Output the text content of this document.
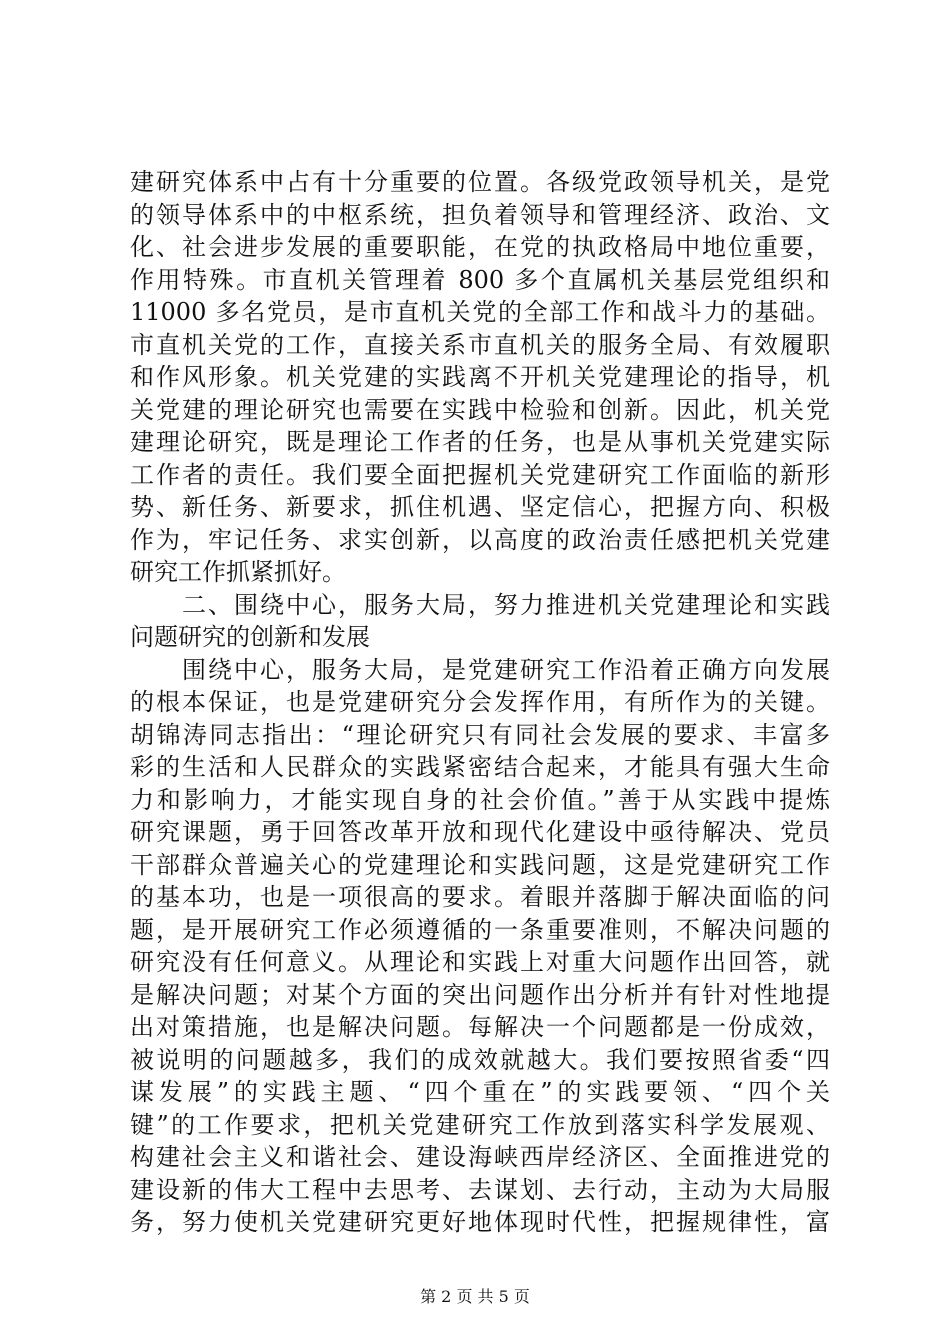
建研究体系中占有十分重要的位置。各级党政领导机关，是党
的领导体系中的中枢系统，担负着领导和管理经济、政治、文
化、社会进步发展的重要职能，在党的执政格局中地位重要，
作用特殊。市直机关管理着 800 多个直属机关基层党组织和
11000 多名党员，是市直机关党的全部工作和战斗力的基础。
市直机关党的工作，直接关系市直机关的服务全局、有效履职
和作风形象。机关党建的实践离不开机关党建理论的指导，机
关党建的理论研究也需要在实践中检验和创新。因此，机关党
建理论研究，既是理论工作者的任务，也是从事机关党建实际
工作者的责任。我们要全面把握机关党建研究工作面临的新形
势、新任务、新要求，抓住机遇、坚定信心，把握方向、积极
作为，牢记任务、求实创新，以高度的政治责任感把机关党建
研究工作抓紧抓好。
　　二、围绕中心，服务大局，努力推进机关党建理论和实践
问题研究的创新和发展
　　围绕中心，服务大局，是党建研究工作沿着正确方向发展
的根本保证，也是党建研究分会发挥作用，有所作为的关键。
胡锦涛同志指出：“理论研究只有同社会发展的要求、丰富多
彩的生活和人民群众的实践紧密结合起来，才能具有强大生命
力和影响力，才能实现自身的社会价值。”善于从实践中提炼
研究课题，勇于回答改革开放和现代化建设中亟待解决、党员
干部群众普遍关心的党建理论和实践问题，这是党建研究工作
的基本功，也是一项很高的要求。着眼并落脚于解决面临的问
题，是开展研究工作必须遵循的一条重要准则，不解决问题的
研究没有任何意义。从理论和实践上对重大问题作出回答，就
是解决问题；对某个方面的突出问题作出分析并有针对性地提
出对策措施，也是解决问题。每解决一个问题都是一份成效，
被说明的问题越多，我们的成效就越大。我们要按照省委“四
谋发展”的实践主题、“四个重在”的实践要领、“四个关
键”的工作要求，把机关党建研究工作放到落实科学发展观、
构建社会主义和谐社会、建设海峡西岸经济区、全面推进党的
建设新的伟大工程中去思考、去谋划、去行动，主动为大局服
务，努力使机关党建研究更好地体现时代性，把握规律性，富
第 2 页 共 5 页
